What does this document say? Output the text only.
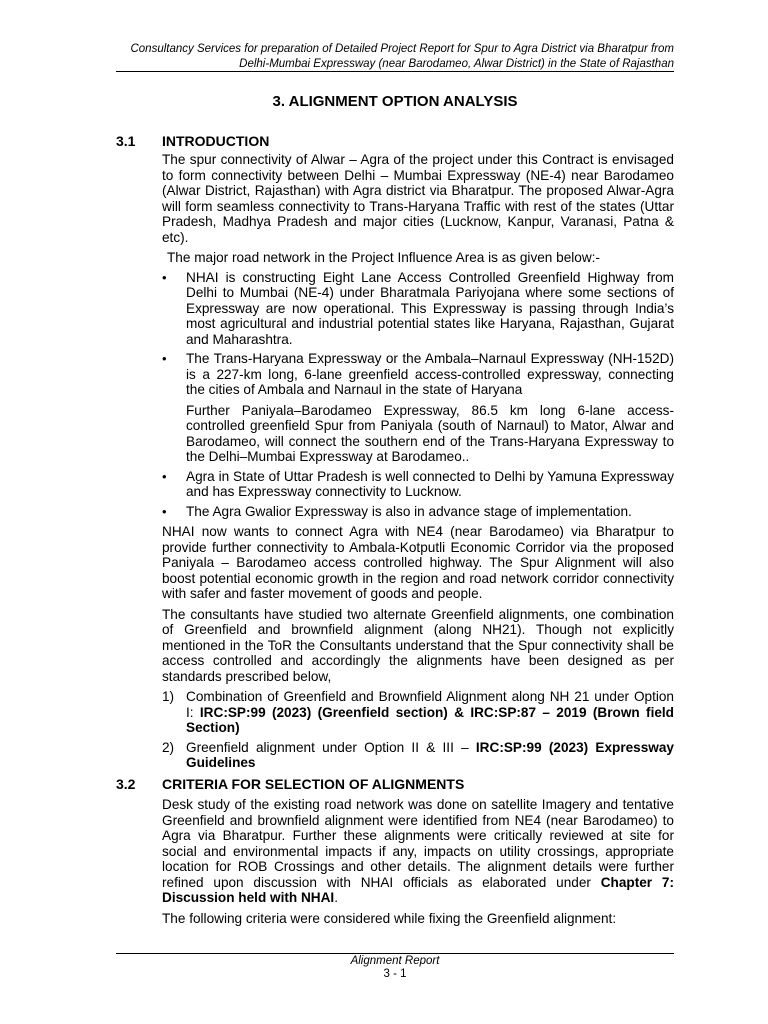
Consultancy Services for preparation of Detailed Project Report for Spur to Agra District via Bharatpur from
Delhi-Mumbai Expressway (near Barodameo, Alwar District) in the State of Rajasthan
3. ALIGNMENT OPTION ANALYSIS
3.1 INTRODUCTION

The spur connectivity of Alwar – Agra of the project under this Contract is envisaged to form connectivity between Delhi – Mumbai Expressway (NE-4) near Barodameo (Alwar District, Rajasthan) with Agra district via Bharatpur. The proposed Alwar-Agra will form seamless connectivity to Trans-Haryana Traffic with rest of the states (Uttar Pradesh, Madhya Pradesh and major cities (Lucknow, Kanpur, Varanasi, Patna & etc).

The major road network in the Project Influence Area is as given below:-

• NHAI is constructing Eight Lane Access Controlled Greenfield Highway from Delhi to Mumbai (NE-4) under Bharatmala Pariyojana where some sections of Expressway are now operational. This Expressway is passing through India’s most agricultural and industrial potential states like Haryana, Rajasthan, Gujarat and Maharashtra.
• The Trans-Haryana Expressway or the Ambala–Narnaul Expressway (NH-152D) is a 227-km long, 6-lane greenfield access-controlled expressway, connecting the cities of Ambala and Narnaul in the state of Haryana
Further Paniyala–Barodameo Expressway, 86.5 km long 6-lane access-controlled greenfield Spur from Paniyala (south of Narnaul) to Mator, Alwar and Barodameo, will connect the southern end of the Trans-Haryana Expressway to the Delhi–Mumbai Expressway at Barodameo..
• Agra in State of Uttar Pradesh is well connected to Delhi by Yamuna Expressway and has Expressway connectivity to Lucknow.
• The Agra Gwalior Expressway is also in advance stage of implementation.

NHAI now wants to connect Agra with NE4 (near Barodameo) via Bharatpur to provide further connectivity to Ambala-Kotputli Economic Corridor via the proposed Paniyala – Barodameo access controlled highway. The Spur Alignment will also boost potential economic growth in the region and road network corridor connectivity with safer and faster movement of goods and people.

The consultants have studied two alternate Greenfield alignments, one combination of Greenfield and brownfield alignment (along NH21). Though not explicitly mentioned in the ToR the Consultants understand that the Spur connectivity shall be access controlled and accordingly the alignments have been designed as per standards prescribed below,

1) Combination of Greenfield and Brownfield Alignment along NH 21 under Option I: IRC:SP:99 (2023) (Greenfield section) & IRC:SP:87 – 2019 (Brown field Section)
2) Greenfield alignment under Option II & III – IRC:SP:99 (2023) Expressway Guidelines
3.2 CRITERIA FOR SELECTION OF ALIGNMENTS

Desk study of the existing road network was done on satellite Imagery and tentative Greenfield and brownfield alignment were identified from NE4 (near Barodameo) to Agra via Bharatpur. Further these alignments were critically reviewed at site for social and environmental impacts if any, impacts on utility crossings, appropriate location for ROB Crossings and other details. The alignment details were further refined upon discussion with NHAI officials as elaborated under Chapter 7: Discussion held with NHAI.

The following criteria were considered while fixing the Greenfield alignment:

Alignment Report
3 - 1
